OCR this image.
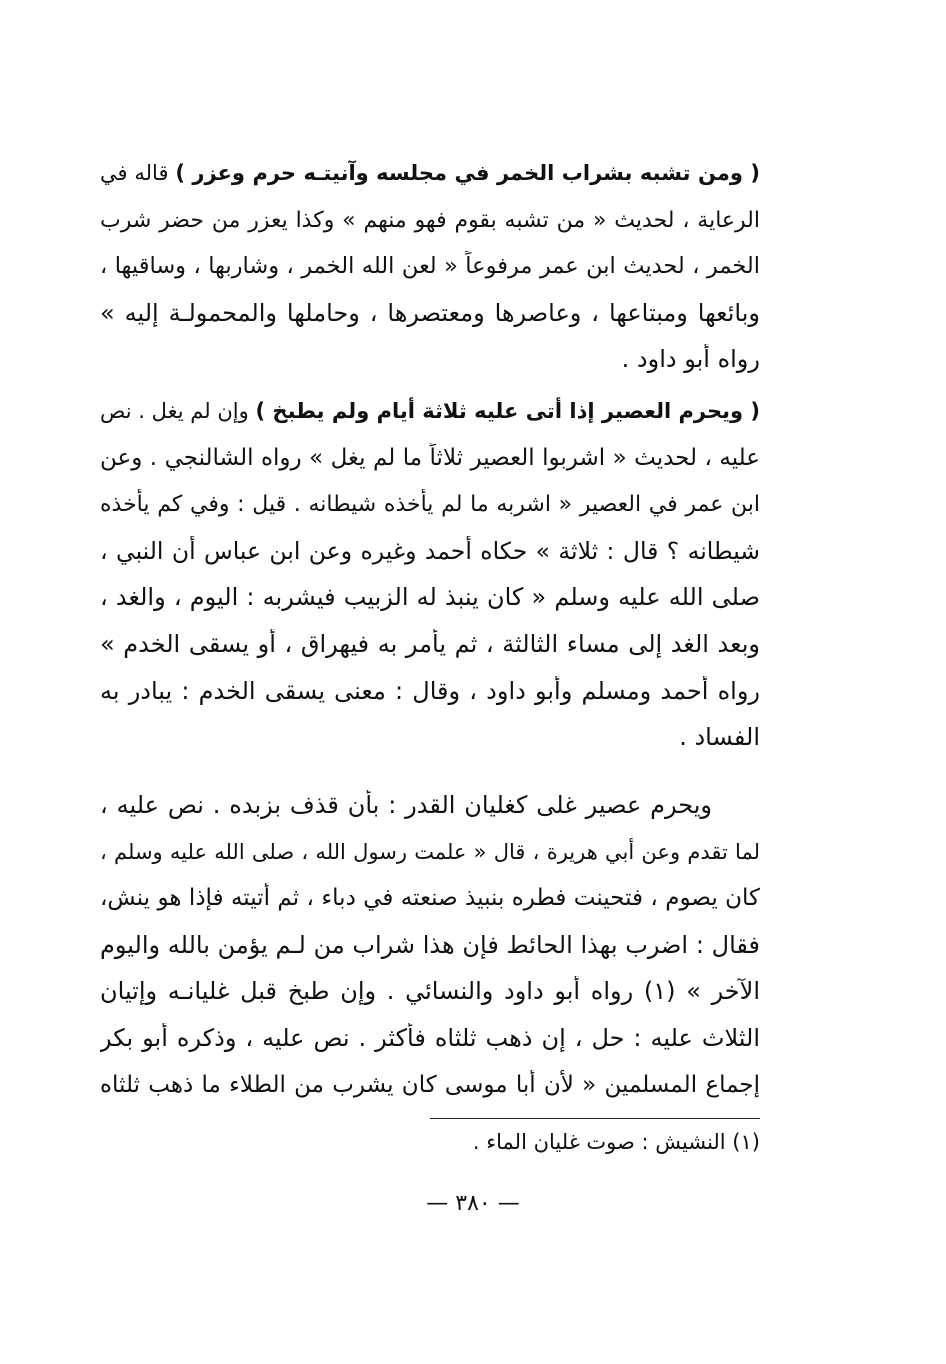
( ومن تشبه بشراب الخمر في مجلسه وآنيتـه حرم وعزر ) قاله في
الرعاية ، لحديث « من تشبه بقوم فهو منهم » وكذا يعزر من حضر شرب
الخمر ، لحديث ابن عمر مرفوعاً « لعن الله الخمر ، وشاربها ، وساقيها ،
وبائعها ومبتاعها ، وعاصرها ومعتصرها ، وحاملها والمحمولـة إليه »
رواه أبو داود .
( ويحرم العصير إذا أتى عليه ثلاثة أيام ولم يطبخ ) وإن لم يغل . نص
عليه ، لحديث « اشربوا العصير ثلاثاً ما لم يغل » رواه الشالنجي . وعن
ابن عمر في العصير « اشربه ما لم يأخذه شيطانه . قيل : وفي كم يأخذه
شيطانه ؟ قال : ثلاثة » حكاه أحمد وغيره وعن ابن عباس أن النبي ،
صلى الله عليه وسلم « كان ينبذ له الزبيب فيشربه : اليوم ، والغد ،
وبعد الغد إلى مساء الثالثة ، ثم يأمر به فيهراق ، أو يسقى الخدم »
رواه أحمد ومسلم وأبو داود ، وقال : معنى يسقى الخدم : يبادر به
الفساد .
ويحرم عصير غلى كغليان القدر : بأن قذف بزبده . نص عليه ،
لما تقدم وعن أبي هريرة ، قال « علمت رسول الله ، صلى الله عليه وسلم ،
كان يصوم ، فتحينت فطره بنبيذ صنعته في دباء ، ثم أتيته فإذا هو ينش،
فقال : اضرب بهذا الحائط فإن هذا شراب من لـم يؤمن بالله واليوم
الآخر » (١) رواه أبو داود والنسائي . وإن طبخ قبل غليانـه وإتيان
الثلاث عليه : حل ، إن ذهب ثلثاه فأكثر . نص عليه ، وذكره أبو بكر
إجماع المسلمين « لأن أبا موسى كان يشرب من الطلاء ما ذهب ثلثاه
(١) النشيش : صوت غليان الماء .
— ٣٨٠ —
